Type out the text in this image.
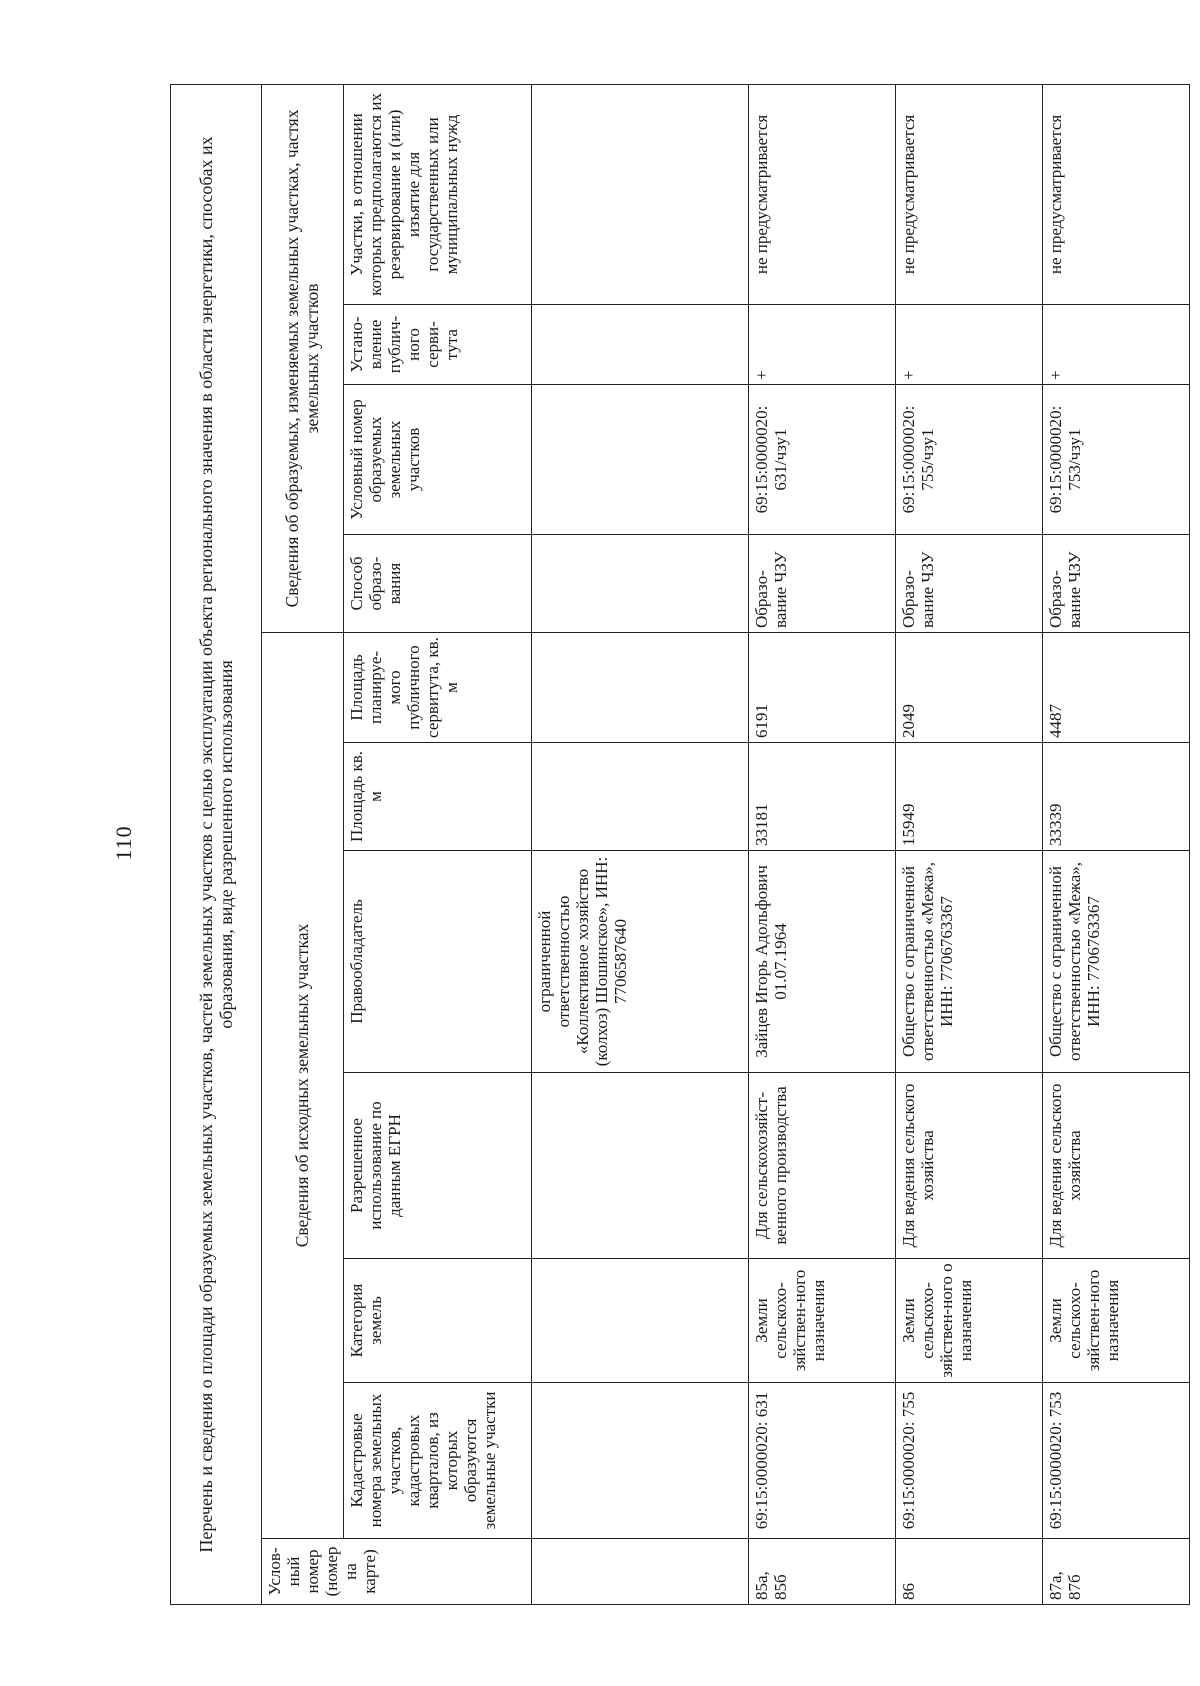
110	Перечень и сведения о площади образуемых земельных участков, частей земельных участков с целью эксплуатации объекта регионального значения в области энергетики, способах их образования, виде разрешенного использования										
Услов-ный номер (номер на карте)	Сведения об исходных земельных участках						Сведения об образуемых, изменяемых земельных участках, частях земельных участков			
	Кадастровые номера земельных участков, кадастровых кварталов, из которых образуются земельные участки	Категория земель	Разрешенное использование по данным ЕГРН	Правообладатель	Площадь кв. м	Площадь планируе-мого публичного сервитута, кв. м	Способ образо-вания	Условный номер образуемых земельных участков	Устано-вление публич-ного серви-тута	Участки, в отношении которых предполагаются их резервирование и (или) изъятие для государственных или муниципальных нужд
				ограниченной ответственностью «Коллективное хозяйство (колхоз) Шошинское», ИНН: 7706587640						
85а, 85б	69:15:0000020: 631	Земли сельскохо-зяйствен-ного назначения	Для сельскохозяйст-венного производства	Зайцев Игорь Адольфович 01.07.1964	33181	6191	Образо-вание ЧЗУ	69:15:0000020: 631/чзу1	+	не предусматривается
86	69:15:0000020: 755	Земли сельскохо-зяйствен-ного о назначения	Для ведения сельского хозяйства	Общество с ограниченной ответственностью «Межа», ИНН: 7706763367	15949	2049	Образо-вание ЧЗУ	69:15:0000020: 755/чзу1	+	не предусматривается
87а, 87б	69:15:0000020: 753	Земли сельскохо-зяйствен-ного назначения	Для ведения сельского хозяйства	Общество с ограниченной ответственностью «Межа», ИНН: 7706763367	33339	4487	Образо-вание ЧЗУ	69:15:0000020: 753/чзу1	+	не предусматривается
